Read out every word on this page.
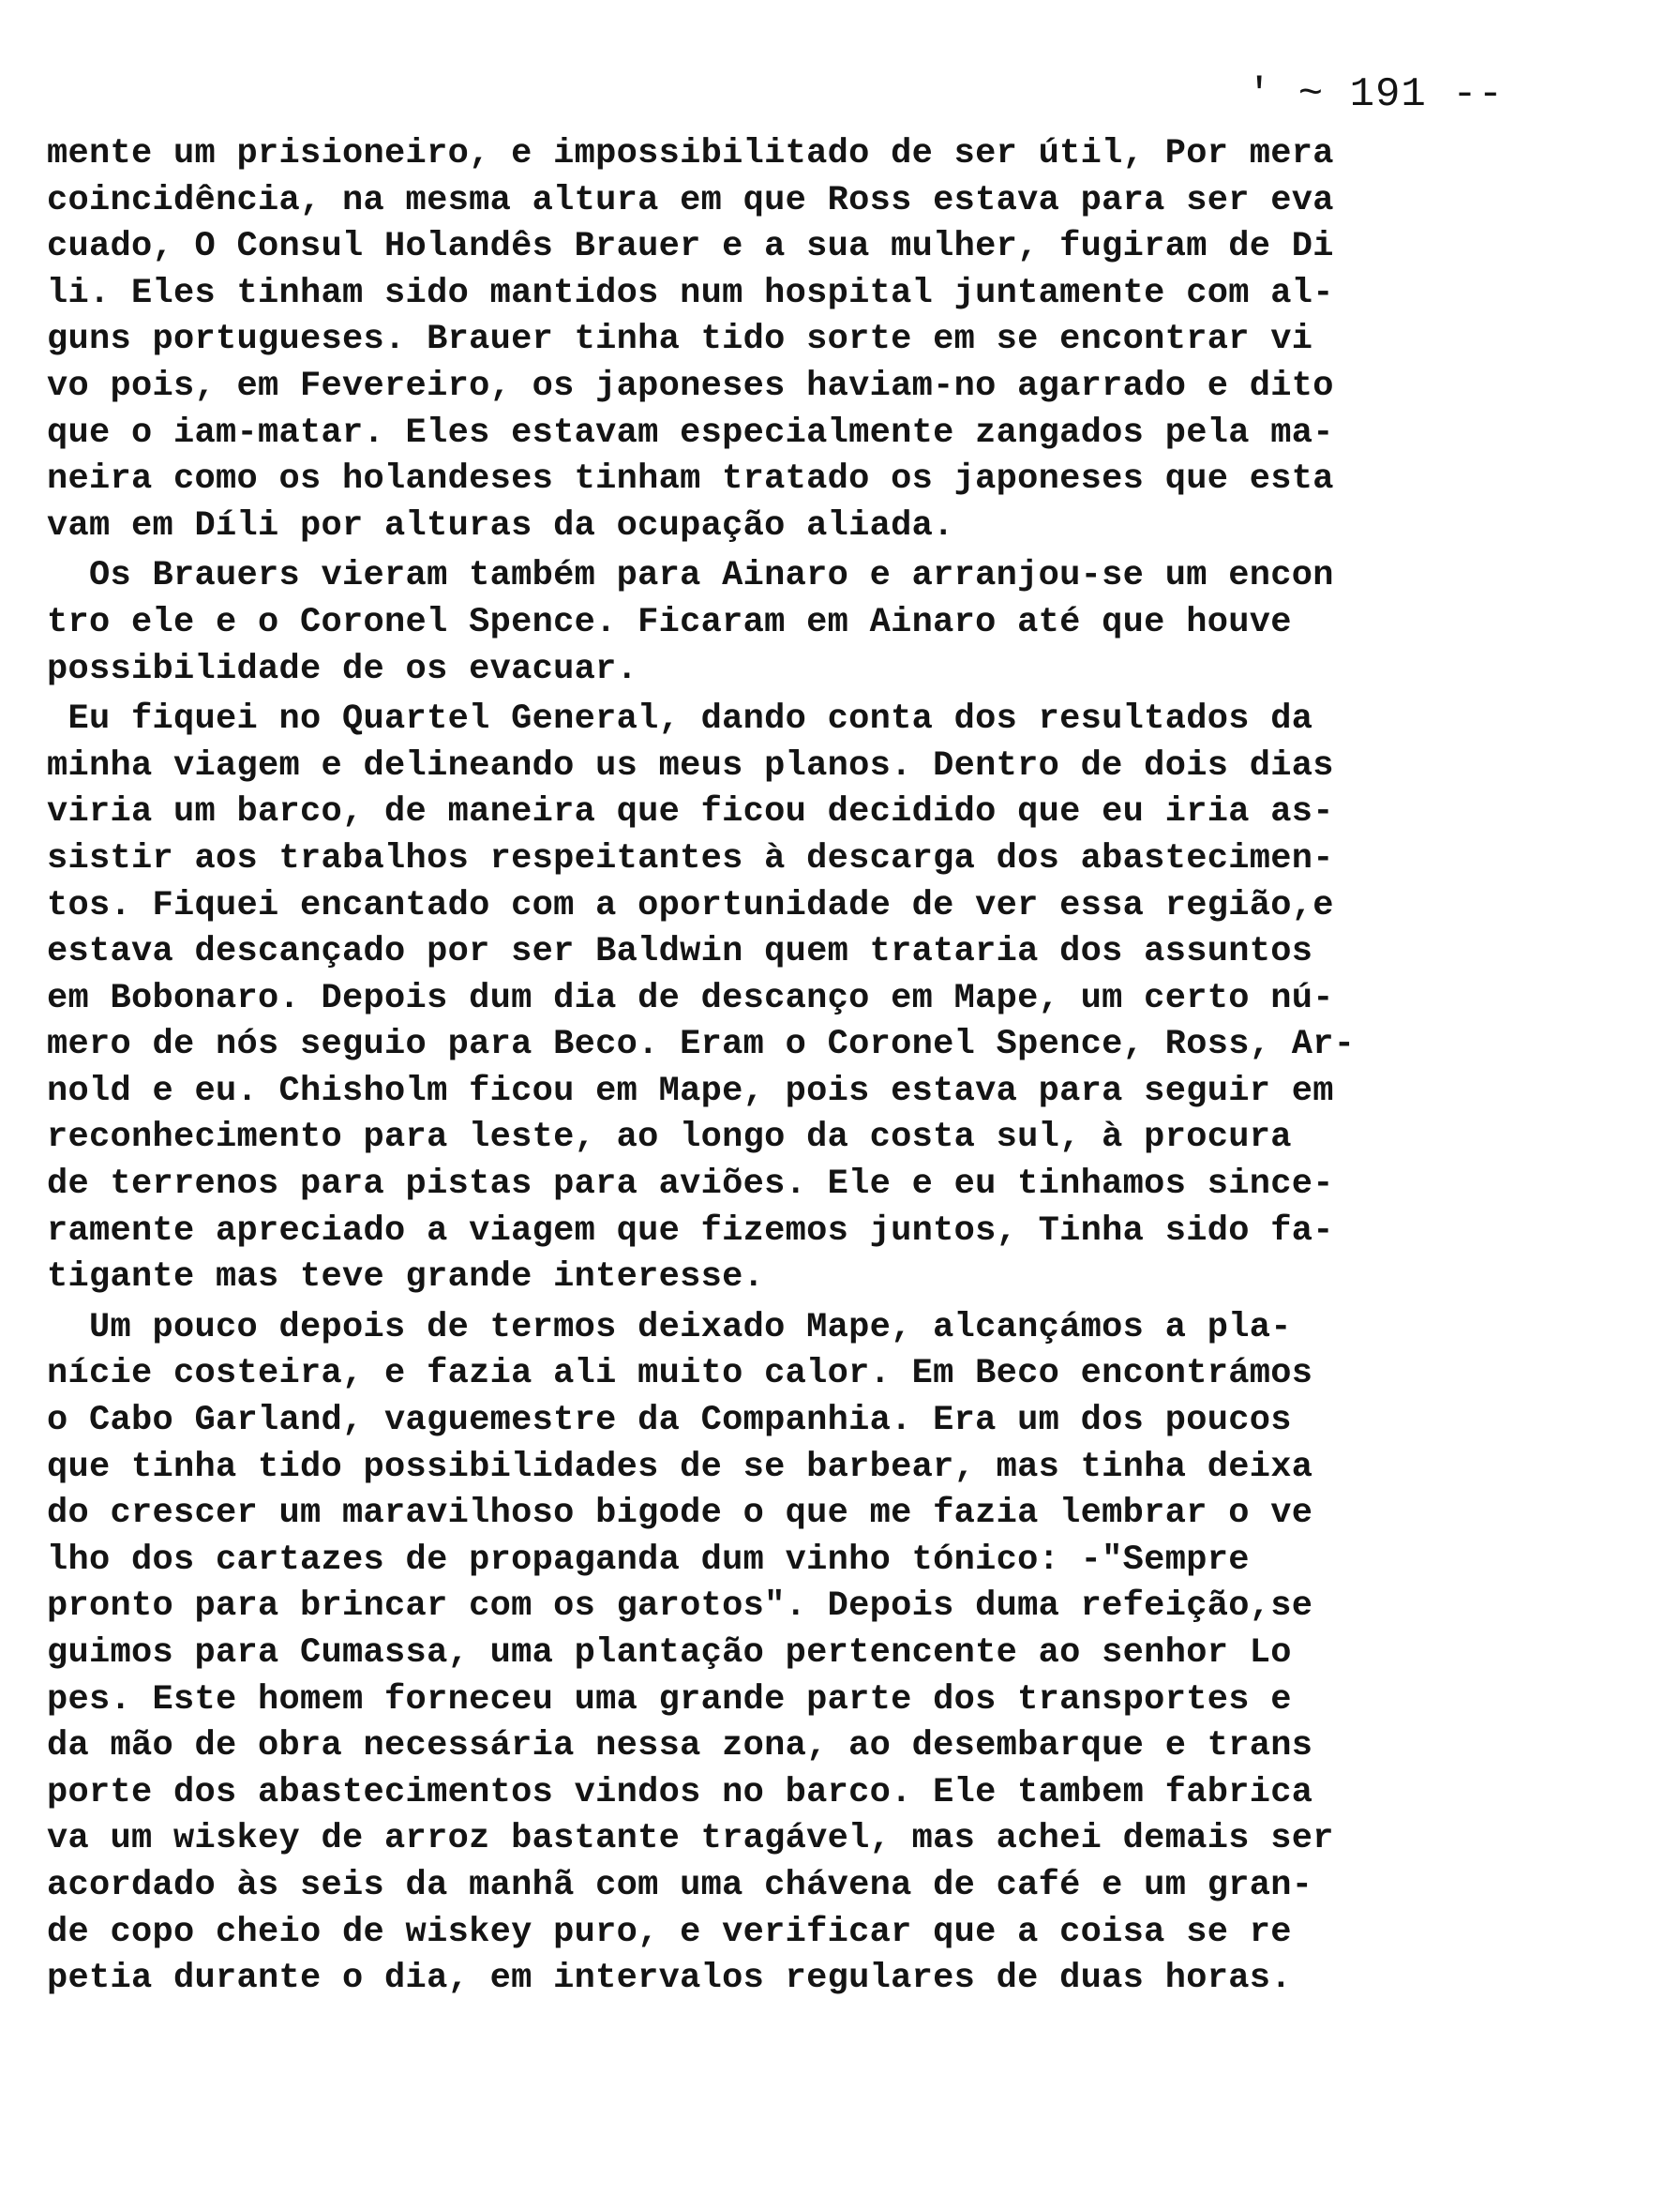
' ~ 191 --
mente um prisioneiro, e impossibilitado de ser útil, Por mera
coincidência, na mesma altura em que Ross estava para ser eva
cuado, O Consul Holandês Brauer e a sua mulher, fugiram de Di
li. Eles tinham sido mantidos num hospital juntamente com al-
guns portugueses. Brauer tinha tido sorte em se encontrar vi
vo pois, em Fevereiro, os japoneses haviam-no agarrado e dito
que o iam-matar. Eles estavam especialmente zangados pela ma-
neira como os holandeses tinham tratado os japoneses que esta
vam em Díli por alturas da ocupação aliada.
Os Brauers vieram também para Ainaro e arranjou-se um encon
tro ele e o Coronel Spence. Ficaram em Ainaro até que houve
possibilidade de os evacuar.
Eu fiquei no Quartel General, dando conta dos resultados da
minha viagem e delineando us meus planos. Dentro de dois dias
viria um barco, de maneira que ficou decidido que eu iria as-
sistir aos trabalhos respeitantes à descarga dos abastecimen-
tos. Fiquei encantado com a oportunidade de ver essa região,e
estava descançado por ser Baldwin quem trataria dos assuntos
em Bobonaro. Depois dum dia de descanço em Mape, um certo nú-
mero de nós seguio para Beco. Eram o Coronel Spence, Ross, Ar-
nold e eu. Chisholm ficou em Mape, pois estava para seguir em
reconhecimento para leste, ao longo da costa sul, à procura
de terrenos para pistas para aviões. Ele e eu tinhamos since-
ramente apreciado a viagem que fizemos juntos, Tinha sido fa-
tigante mas teve grande interesse.
Um pouco depois de termos deixado Mape, alcançámos a pla-
nície costeira, e fazia ali muito calor. Em Beco encontrámos
o Cabo Garland, vaguemestre da Companhia. Era um dos poucos
que tinha tido possibilidades de se barbear, mas tinha deixa
do crescer um maravilhoso bigode o que me fazia lembrar o ve
lho dos cartazes de propaganda dum vinho tónico: -"Sempre
pronto para brincar com os garotos". Depois duma refeição,se
guimos para Cumassa, uma plantação pertencente ao senhor Lo
pes. Este homem forneceu uma grande parte dos transportes e
da mão de obra necessária nessa zona, ao desembarque e trans
porte dos abastecimentos vindos no barco. Ele tambem fabrica
va um wiskey de arroz bastante tragável, mas achei demais ser
acordado às seis da manhã com uma chávena de café e um gran-
de copo cheio de wiskey puro, e verificar que a coisa se re
petia durante o dia, em intervalos regulares de duas horas.
